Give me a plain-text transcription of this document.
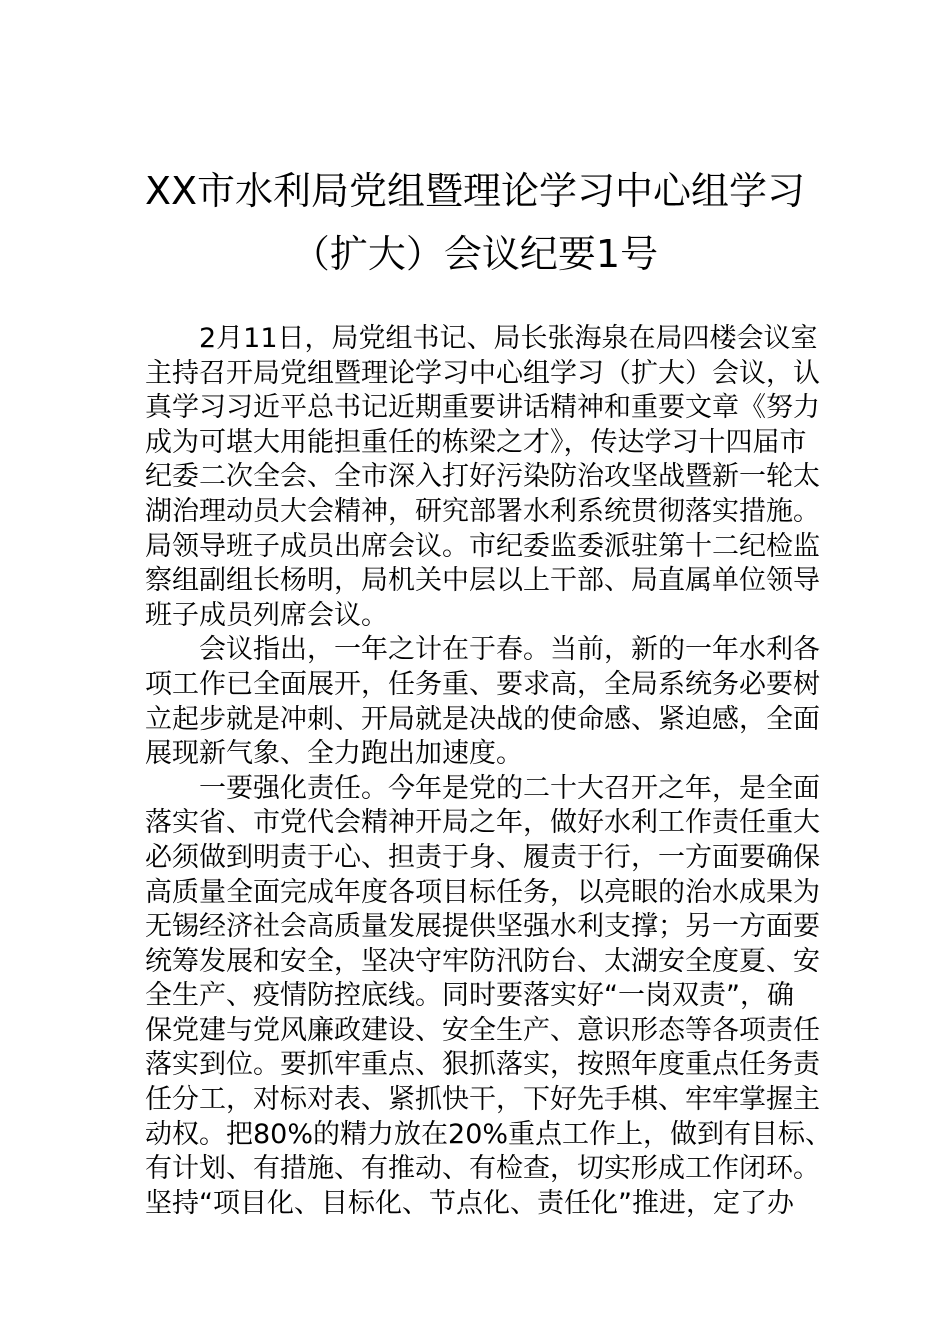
XX市水利局党组暨理论学习中心组学习
（扩大）会议纪要1号
2月11日，局党组书记、局长张海泉在局四楼会议室
主持召开局党组暨理论学习中心组学习（扩大）会议，认
真学习习近平总书记近期重要讲话精神和重要文章《努力
成为可堪大用能担重任的栋梁之才》，传达学习十四届市
纪委二次全会、全市深入打好污染防治攻坚战暨新一轮太
湖治理动员大会精神，研究部署水利系统贯彻落实措施。
局领导班子成员出席会议。市纪委监委派驻第十二纪检监
察组副组长杨明，局机关中层以上干部、局直属单位领导
班子成员列席会议。
会议指出，一年之计在于春。当前，新的一年水利各
项工作已全面展开，任务重、要求高，全局系统务必要树
立起步就是冲刺、开局就是决战的使命感、紧迫感，全面
展现新气象、全力跑出加速度。
一要强化责任。今年是党的二十大召开之年，是全面
落实省、市党代会精神开局之年，做好水利工作责任重大
必须做到明责于心、担责于身、履责于行，一方面要确保
高质量全面完成年度各项目标任务，以亮眼的治水成果为
无锡经济社会高质量发展提供坚强水利支撑；另一方面要
统筹发展和安全，坚决守牢防汛防台、太湖安全度夏、安
全生产、疫情防控底线。同时要落实好“一岗双责”，确
保党建与党风廉政建设、安全生产、意识形态等各项责任
落实到位。要抓牢重点、狠抓落实，按照年度重点任务责
任分工，对标对表、紧抓快干，下好先手棋、牢牢掌握主
动权。把80%的精力放在20%重点工作上，做到有目标、
有计划、有措施、有推动、有检查，切实形成工作闭环。
坚持“项目化、目标化、节点化、责任化”推进，定了办
